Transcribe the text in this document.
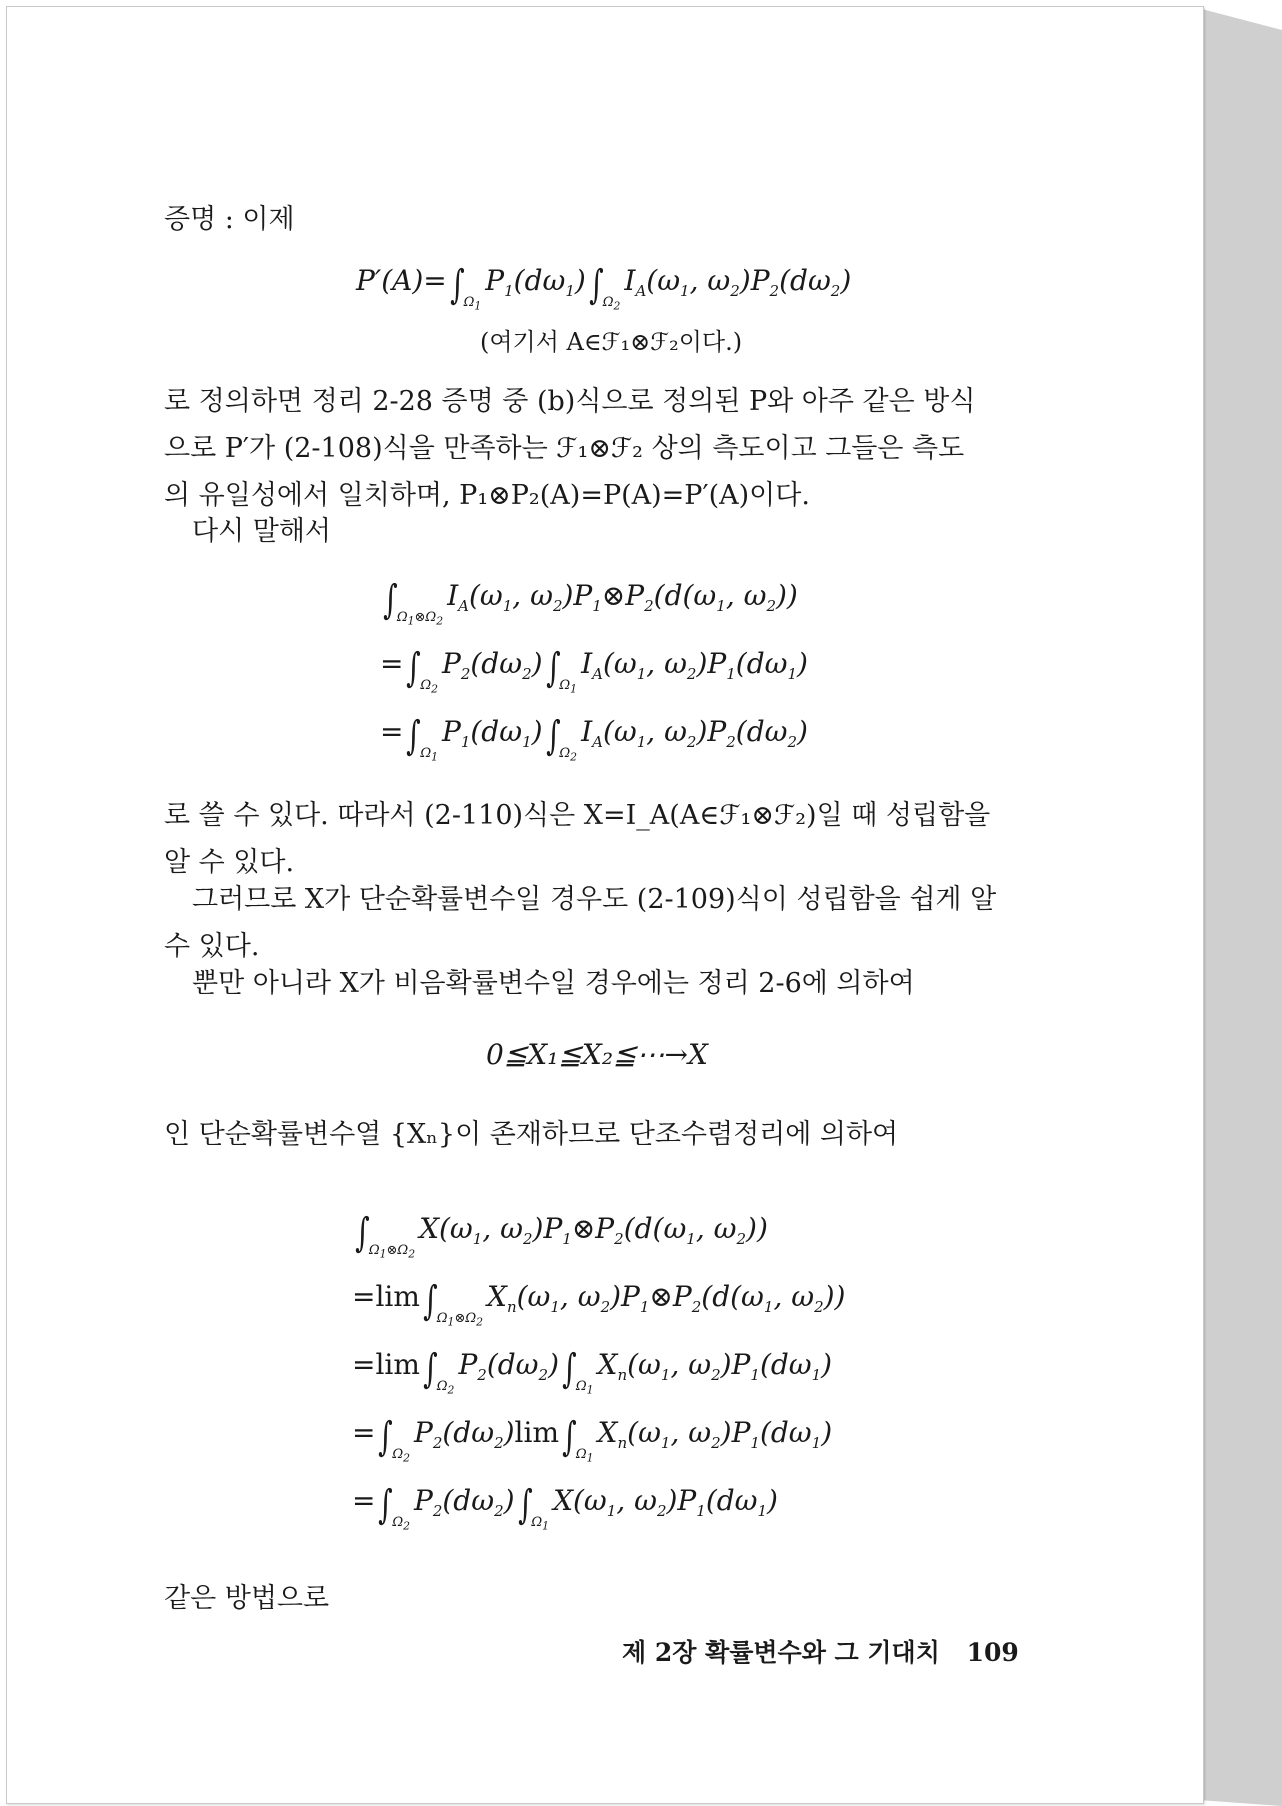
증명 : 이제
$P'(A)=\int_{\Omega_1}P_1(d\omega_1)\int_{\Omega_2}I_A(\omega_1$, $\omega_2)P_2(d\omega_2)$
(여기서 A∈ℱ₁⊗ℱ₂이다.)
로 정의하면 정리 2-28 증명 중 (b)식으로 정의된 P와 아주 같은 방식
으로 P′가 (2-108)식을 만족하는 ℱ₁⊗ℱ₂ 상의 측도이고 그들은 측도
의 유일성에서 일치하며, P₁⊗P₂(A)=P(A)=P′(A)이다.
다시 말해서
$\int_{\Omega_1\otimes\Omega_2}I_A(\omega_1$, $\omega_2)P_1\otimes P_2(d(\omega_1$, $\omega_2$))
$=\int_{\Omega_2}P_2(d\omega_2)\int_{\Omega_1}I_A(\omega_1$, $\omega_2)P_1(d\omega_1)$
$=\int_{\Omega_1}P_1(d\omega_1)\int_{\Omega_2}I_A(\omega_1$, $\omega_2)P_2(d\omega_2)$
로 쓸 수 있다. 따라서 (2-110)식은 X=I_A(A∈ℱ₁⊗ℱ₂)일 때 성립함을
알 수 있다.
그러므로 X가 단순확률변수일 경우도 (2-109)식이 성립함을 쉽게 알
수 있다.
뿐만 아니라 X가 비음확률변수일 경우에는 정리 2-6에 의하여
0≦X₁≦X₂≦⋯→X
인 단순확률변수열 {Xₙ}이 존재하므로 단조수렴정리에 의하여
$\int_{\Omega_1\otimes\Omega_2}X(\omega_1$, $\omega_2)P_1\otimes P_2(d(\omega_1$, $\omega_2$))
$=\lim\int_{\Omega_1\otimes\Omega_2}X_n(\omega_1$, $\omega_2)P_1\otimes P_2(d(\omega_1$, $\omega_2$))
$=\lim\int_{\Omega_2}P_2(d\omega_2)\int_{\Omega_1}X_n(\omega_1$, $\omega_2)P_1(d\omega_1)$
$=\int_{\Omega_2}P_2(d\omega_2)\lim\int_{\Omega_1}X_n(\omega_1$, $\omega_2)P_1(d\omega_1)$
$=\int_{\Omega_2}P_2(d\omega_2)\int_{\Omega_1}X(\omega_1$, $\omega_2)P_1(d\omega_1)$
같은 방법으로
제 2장 확률변수와 그 기대치 109
